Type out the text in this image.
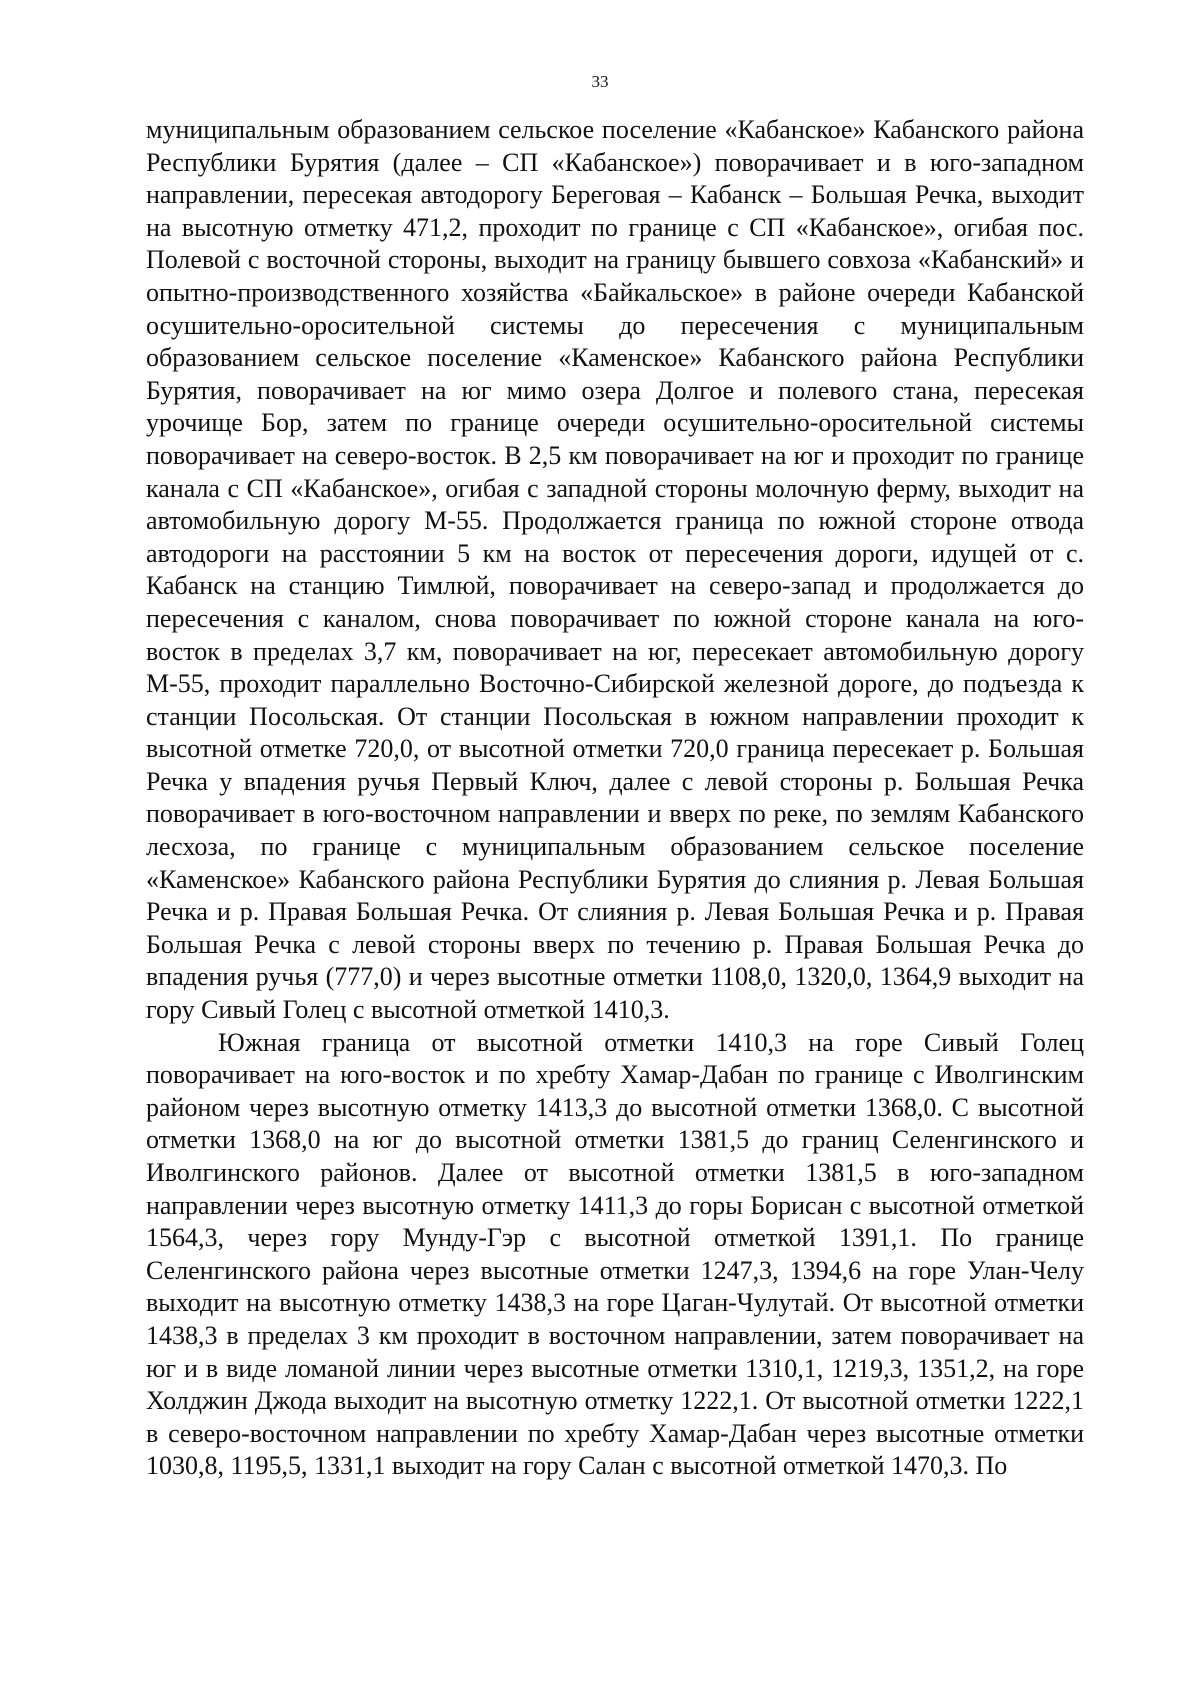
33

муниципальным образованием сельское поселение «Кабанское» Кабанского района Республики Бурятия (далее – СП «Кабанское») поворачивает и в юго-западном направлении, пересекая автодорогу Береговая – Кабанск – Большая Речка, выходит на высотную отметку 471,2, проходит по границе с СП «Кабанское», огибая пос. Полевой с восточной стороны, выходит на границу бывшего совхоза «Кабанский» и опытно-производственного хозяйства «Байкальское» в районе очереди Кабанской осушительно-оросительной системы до пересечения с муниципальным образованием сельское поселение «Каменское» Кабанского района Республики Бурятия, поворачивает на юг мимо озера Долгое и полевого стана, пересекая урочище Бор, затем по границе очереди осушительно-оросительной системы поворачивает на северо-восток. В 2,5 км поворачивает на юг и проходит по границе канала с СП «Кабанское», огибая с западной стороны молочную ферму, выходит на автомобильную дорогу М-55. Продолжается граница по южной стороне отвода автодороги на расстоянии 5 км на восток от пересечения дороги, идущей от с. Кабанск на станцию Тимлюй, поворачивает на северо-запад и продолжается до пересечения с каналом, снова поворачивает по южной стороне канала на юго-восток в пределах 3,7 км, поворачивает на юг, пересекает автомобильную дорогу М-55, проходит параллельно Восточно-Сибирской железной дороге, до подъезда к станции Посольская. От станции Посольская в южном направлении проходит к высотной отметке 720,0, от высотной отметки 720,0 граница пересекает р. Большая Речка у впадения ручья Первый Ключ, далее с левой стороны р. Большая Речка поворачивает в юго-восточном направлении и вверх по реке, по землям Кабанского лесхоза, по границе с муниципальным образованием сельское поселение «Каменское» Кабанского района Республики Бурятия до слияния р. Левая Большая Речка и р. Правая Большая Речка. От слияния р. Левая Большая Речка и р. Правая Большая Речка с левой стороны вверх по течению р. Правая Большая Речка до впадения ручья (777,0) и через высотные отметки 1108,0, 1320,0, 1364,9 выходит на гору Сивый Голец с высотной отметкой 1410,3.

Южная граница от высотной отметки 1410,3 на горе Сивый Голец поворачивает на юго-восток и по хребту Хамар-Дабан по границе с Иволгинским районом через высотную отметку 1413,3 до высотной отметки 1368,0. С высотной отметки 1368,0 на юг до высотной отметки 1381,5 до границ Селенгинского и Иволгинского районов. Далее от высотной отметки 1381,5 в юго-западном направлении через высотную отметку 1411,3 до горы Борисан с высотной отметкой 1564,3, через гору Мунду-Гэр с высотной отметкой 1391,1. По границе Селенгинского района через высотные отметки 1247,3, 1394,6 на горе Улан-Челу выходит на высотную отметку 1438,3 на горе Цаган-Чулутай. От высотной отметки 1438,3 в пределах 3 км проходит в восточном направлении, затем поворачивает на юг и в виде ломаной линии через высотные отметки 1310,1, 1219,3, 1351,2, на горе Холджин Джода выходит на высотную отметку 1222,1. От высотной отметки 1222,1 в северо-восточном направлении по хребту Хамар-Дабан через высотные отметки 1030,8, 1195,5, 1331,1 выходит на гору Салан с высотной отметкой 1470,3. По
